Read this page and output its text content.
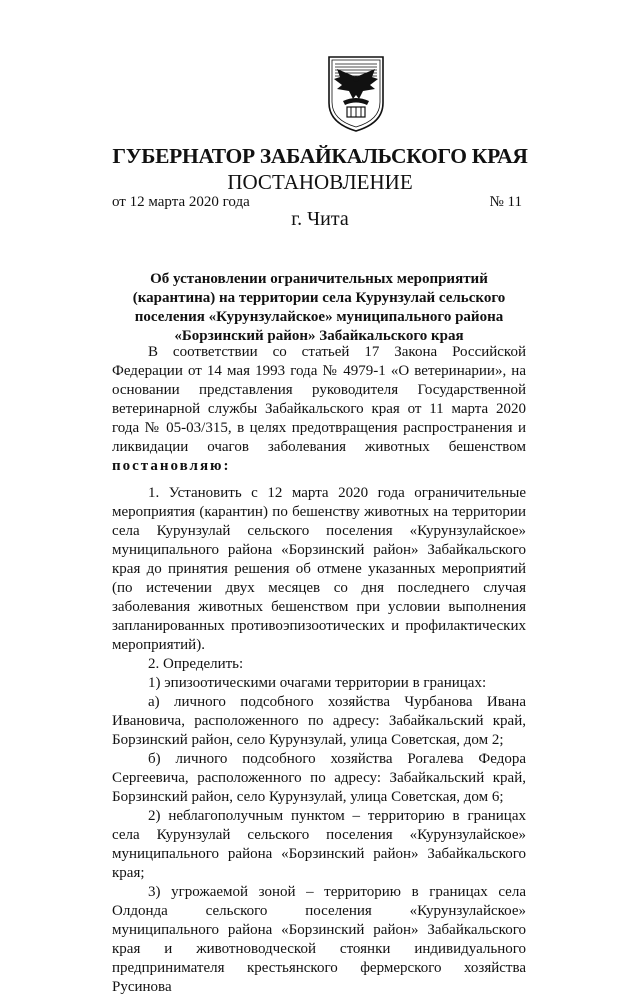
ГУБЕРНАТОР ЗАБАЙКАЛЬСКОГО КРАЯ
ПОСТАНОВЛЕНИЕ
от 12 марта 2020 года	№ 11
г. Чита
Об установлении ограничительных мероприятий (карантина) на территории села Курунзулай сельского поселения «Курунзулайское» муниципального района «Борзинский район» Забайкальского края

В соответствии со статьей 17 Закона Российской Федерации от 14 мая 1993 года № 4979-1 «О ветеринарии», на основании представления руководителя Государственной ветеринарной службы Забайкальского края от 11 марта 2020 года № 05-03/315, в целях предотвращения распространения и ликвидации очагов заболевания животных бешенством постановляю:

1. Установить с 12 марта 2020 года ограничительные мероприятия (карантин) по бешенству животных на территории села Курунзулай сельского поселения «Курунзулайское» муниципального района «Борзинский район» Забайкальского края до принятия решения об отмене указанных мероприятий (по истечении двух месяцев со дня последнего случая заболевания животных бешенством при условии выполнения запланированных противоэпизоотических и профилактических мероприятий).

2. Определить:

1) эпизоотическими очагами территории в границах:

а) личного подсобного хозяйства Чурбанова Ивана Ивановича, расположенного по адресу: Забайкальский край, Борзинский район, село Курунзулай, улица Советская, дом 2;

б) личного подсобного хозяйства Рогалева Федора Сергеевича, расположенного по адресу: Забайкальский край, Борзинский район, село Курунзулай, улица Советская, дом 6;

2) неблагополучным пунктом – территорию в границах села Курунзулай сельского поселения «Курунзулайское» муниципального района «Борзинский район» Забайкальского края;

3) угрожаемой зоной – территорию в границах села Олдонда сельского поселения «Курунзулайское» муниципального района «Борзинский район» Забайкальского края и животноводческой стоянки индивидуального предпринимателя крестьянского фермерского хозяйства Русинова
